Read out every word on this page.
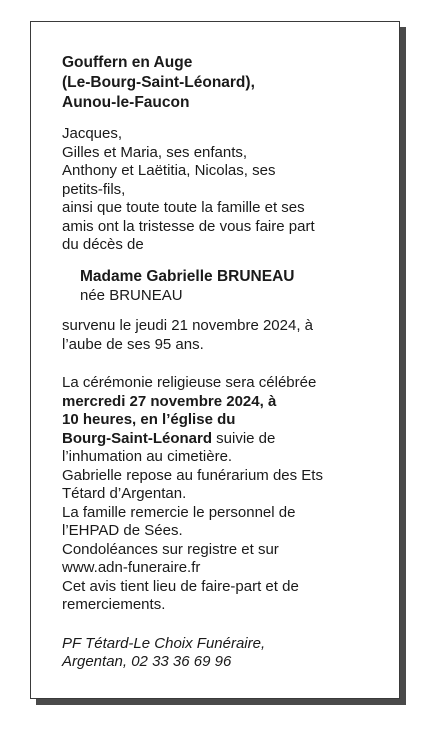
Gouffern en Auge
(Le-Bourg-Saint-Léonard),
Aunou-le-Faucon
Jacques,
Gilles et Maria, ses enfants,
Anthony et Laëtitia, Nicolas, ses
petits-fils,
ainsi que toute toute la famille et ses
amis ont la tristesse de vous faire part
du décès de
Madame Gabrielle BRUNEAU
née BRUNEAU
survenu le jeudi 21 novembre 2024, à
l’aube de ses 95 ans.
La cérémonie religieuse sera célébrée
mercredi 27 novembre 2024, à
10 heures, en l’église du
Bourg-Saint-Léonard suivie de
l’inhumation au cimetière.
Gabrielle repose au funérarium des Ets
Tétard d’Argentan.
La famille remercie le personnel de
l’EHPAD de Sées.
Condoléances sur registre et sur
www.adn-funeraire.fr
Cet avis tient lieu de faire-part et de
remerciements.
PF Tétard-Le Choix Funéraire,
Argentan, 02 33 36 69 96
